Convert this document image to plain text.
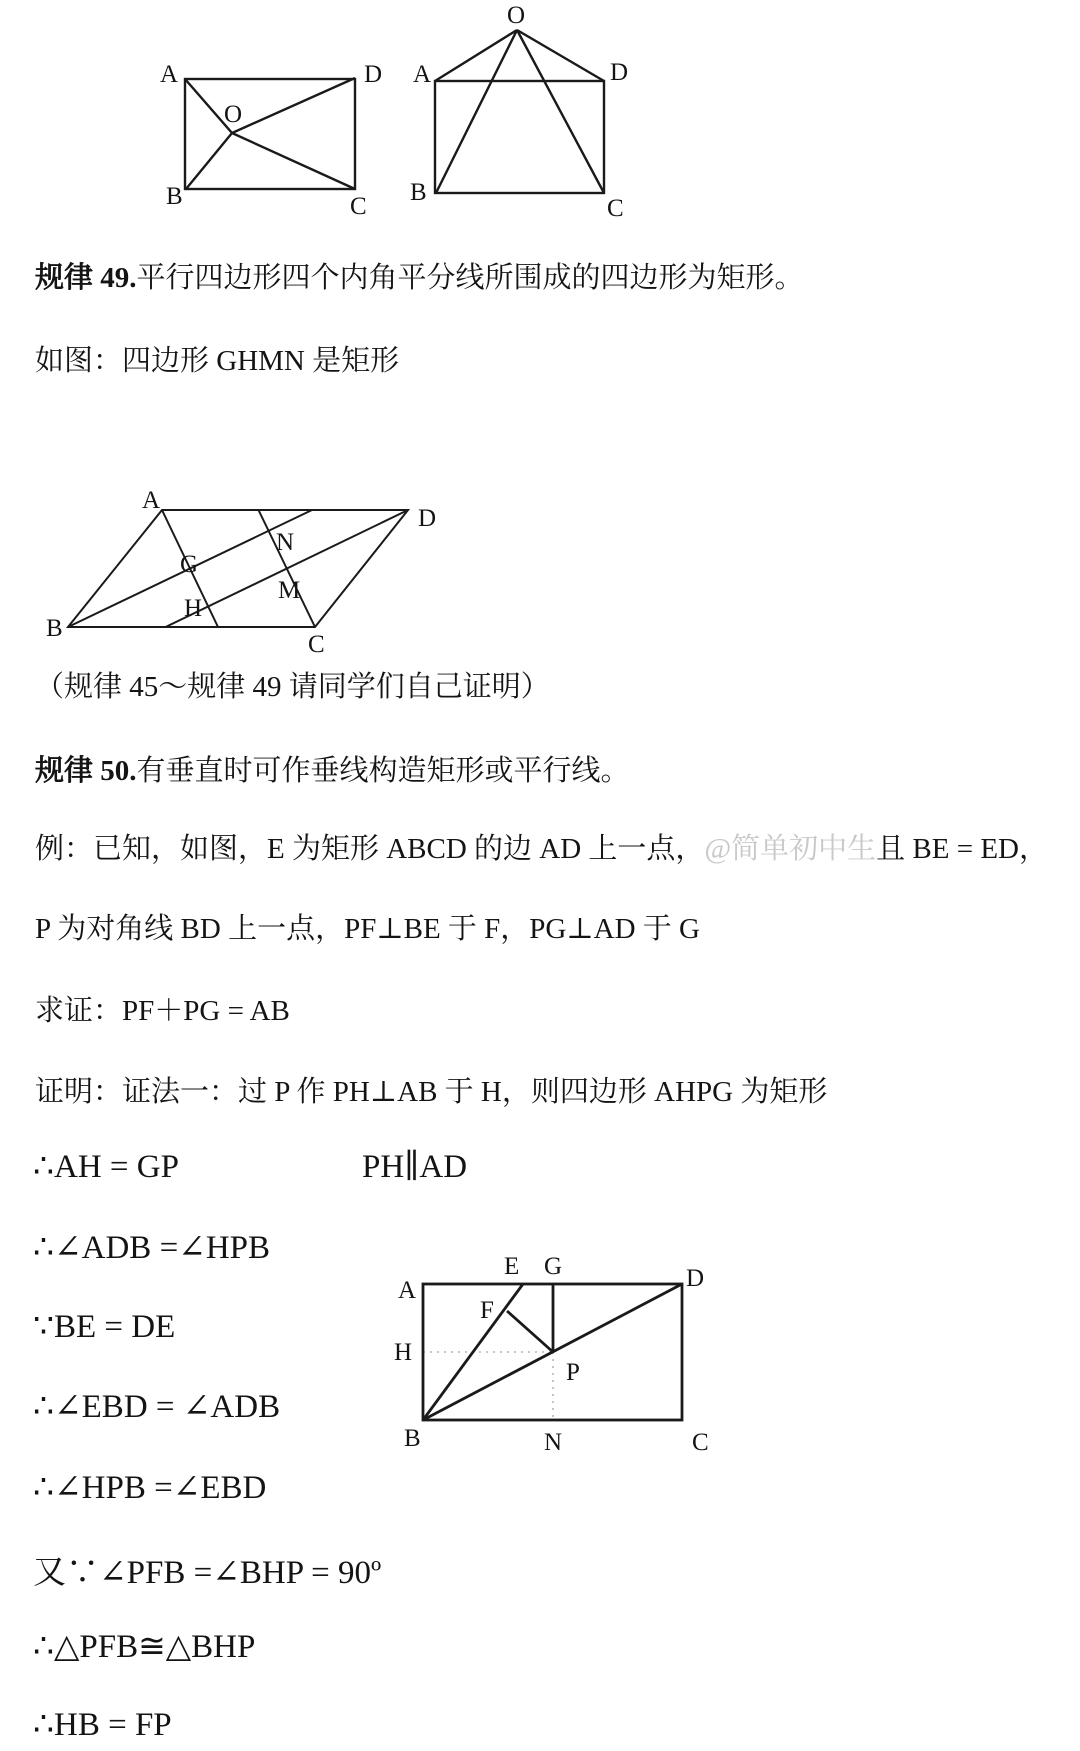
A	D
B	C
O
O
A	D
B
C
规律 49.平行四边形四个内角平分线所围成的四边形为矩形。
如图：四边形 GHMN 是矩形
A
D
B
C
G
N
H
M
（规律 45～规律 49 请同学们自己证明）
规律 50.有垂直时可作垂线构造矩形或平行线。
例：已知，如图，E 为矩形 ABCD 的边 AD 上一点，@简单初中生且 BE = ED，
P 为对角线 BD 上一点，PF⊥BE 于 F，PG⊥AD 于 G
求证：PF＋PG = AB
证明：证法一：过 P 作 PH⊥AB 于 H，则四边形 AHPG 为矩形
∴AH = GP	PH∥AD
∴∠ADB =∠HPB
∵BE = DE
∴∠EBD = ∠ADB
∴∠HPB =∠EBD
又∵∠PFB =∠BHP = 90º
∴△PFB≅△BHP
∴HB = FP
A
E G	D
F
H
P
B	N	C
